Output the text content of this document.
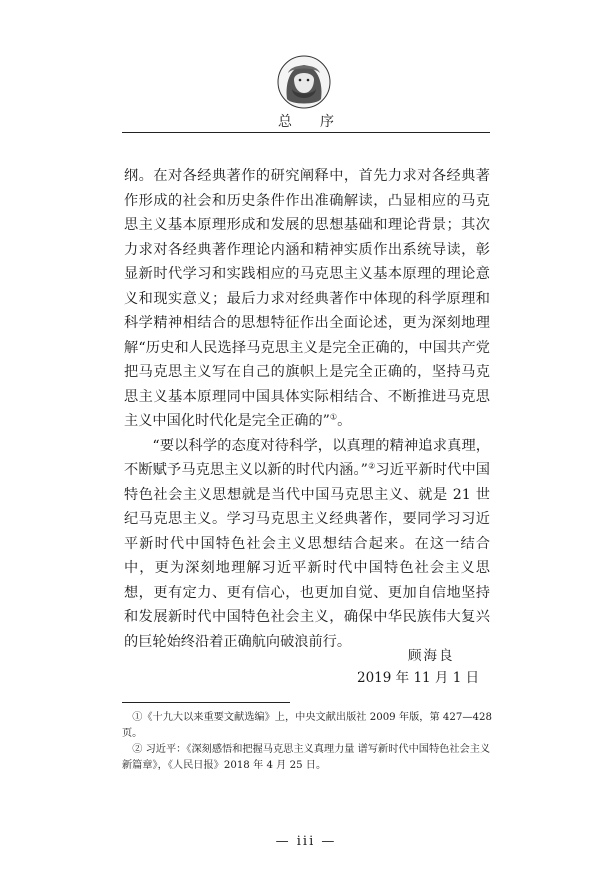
总序

纲。在对各经典著作的研究阐释中，首先力求对各经典著作形成的社会和历史条件作出准确解读，凸显相应的马克思主义基本原理形成和发展的思想基础和理论背景；其次力求对各经典著作理论内涵和精神实质作出系统导读，彰显新时代学习和实践相应的马克思主义基本原理的理论意义和现实意义；最后力求对经典著作中体现的科学原理和科学精神相结合的思想特征作出全面论述，更为深刻地理解“历史和人民选择马克思主义是完全正确的，中国共产党把马克思主义写在自己的旗帜上是完全正确的，坚持马克思主义基本原理同中国具体实际相结合、不断推进马克思主义中国化时代化是完全正确的”①。

“要以科学的态度对待科学，以真理的精神追求真理，不断赋予马克思主义以新的时代内涵。”②习近平新时代中国特色社会主义思想就是当代中国马克思主义、就是 21 世纪马克思主义。学习马克思主义经典著作，要同学习习近平新时代中国特色社会主义思想结合起来。在这一结合中，更为深刻地理解习近平新时代中国特色社会主义思想，更有定力、更有信心，也更加自觉、更加自信地坚持和发展新时代中国特色社会主义，确保中华民族伟大复兴的巨轮始终沿着正确航向破浪前行。

顾海良
2019 年 11 月 1 日
①《十九大以来重要文献选编》上，中央文献出版社 2009 年版，第 427—428 页。
② 习近平：《深刻感悟和把握马克思主义真理力量 谱写新时代中国特色社会主义新篇章》，《人民日报》2018 年 4 月 25 日。
— iii —
